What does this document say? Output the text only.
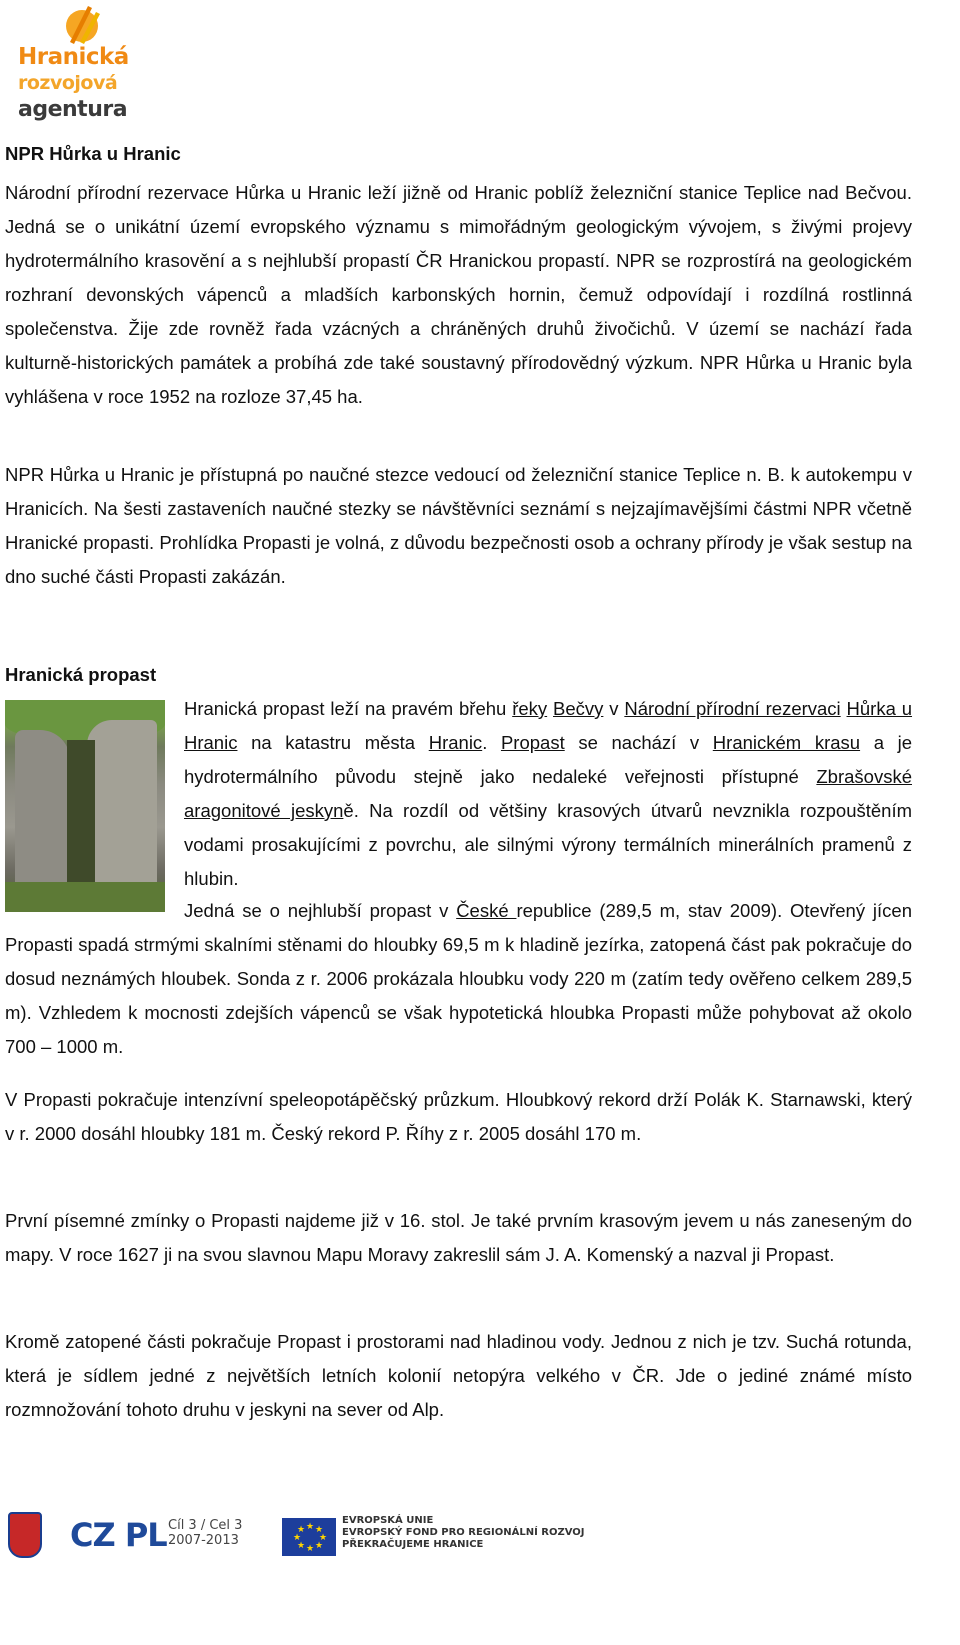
Hranická
rozvojová
agentura
NPR Hůrka u Hranic

Národní přírodní rezervace Hůrka u Hranic leží jižně od Hranic poblíž železniční stanice Teplice nad Bečvou. Jedná se o unikátní území evropského významu s mimořádným geologickým vývojem, s živými projevy hydrotermálního krasovění a s nejhlubší propastí ČR Hranickou propastí. NPR se rozprostírá na geologickém rozhraní devonských vápenců a mladších karbonských hornin, čemuž odpovídají i rozdílná rostlinná společenstva. Žije zde rovněž řada vzácných a chráněných druhů živočichů. V území se nachází řada kulturně-historických památek a probíhá zde také soustavný přírodovědný výzkum. NPR Hůrka u Hranic byla vyhlášena v roce 1952 na rozloze 37,45 ha.

NPR Hůrka u Hranic je přístupná po naučné stezce vedoucí od železniční stanice Teplice n. B. k autokempu v Hranicích. Na šesti zastaveních naučné stezky se návštěvníci seznámí s nejzajímavějšími částmi NPR včetně Hranické propasti. Prohlídka Propasti je volná, z důvodu bezpečnosti osob a ochrany přírody je však sestup na dno suché části Propasti zakázán.

Hranická propast

Hranická propast leží na pravém břehu řeky Bečvy v Národní přírodní rezervaci Hůrka u Hranic na katastru města Hranic. Propast se nachází v Hranickém krasu a je hydrotermálního původu stejně jako nedaleké veřejnosti přístupné Zbrašovské aragonitové jeskyně. Na rozdíl od většiny krasových útvarů nevznikla rozpouštěním vodami prosakujícími z povrchu, ale silnými výrony termálních minerálních pramenů z hlubin.

Jedná se o nejhlubší propast v České republice (289,5 m, stav 2009). Otevřený jícen Propasti spadá strmými skalními stěnami do hloubky 69,5 m k hladině jezírka, zatopená část pak pokračuje do dosud neznámých hloubek. Sonda z r. 2006 prokázala hloubku vody 220 m (zatím tedy ověřeno celkem 289,5 m). Vzhledem k mocnosti zdejších vápenců se však hypotetická hloubka Propasti může pohybovat až okolo 700 – 1000 m.

V Propasti pokračuje intenzívní speleopotápěčský průzkum. Hloubkový rekord drží Polák K. Starnawski, který v r. 2000 dosáhl hloubky 181 m. Český rekord P. Říhy z r. 2005 dosáhl 170 m.

První písemné zmínky o Propasti najdeme již v 16. stol. Je také prvním krasovým jevem u nás zaneseným do mapy. V roce 1627 ji na svou slavnou Mapu Moravy zakreslil sám J. A. Komenský a nazval ji Propast.

Kromě zatopené části pokračuje Propast i prostorami nad hladinou vody. Jednou z nich je tzv. Suchá rotunda, která je sídlem jedné z největších letních kolonií netopýra velkého v ČR. Jde o jediné známé místo rozmnožování tohoto druhu v jeskyni na sever od Alp.

CZ PL Cíl 3 / Cel 3
2007-2013
★ ★
★
★
★
★
★
★
EVROPSKÁ UNIE
EVROPSKÝ FOND PRO REGIONÁLNÍ ROZVOJ
PŘEKRAČUJEME HRANICE
